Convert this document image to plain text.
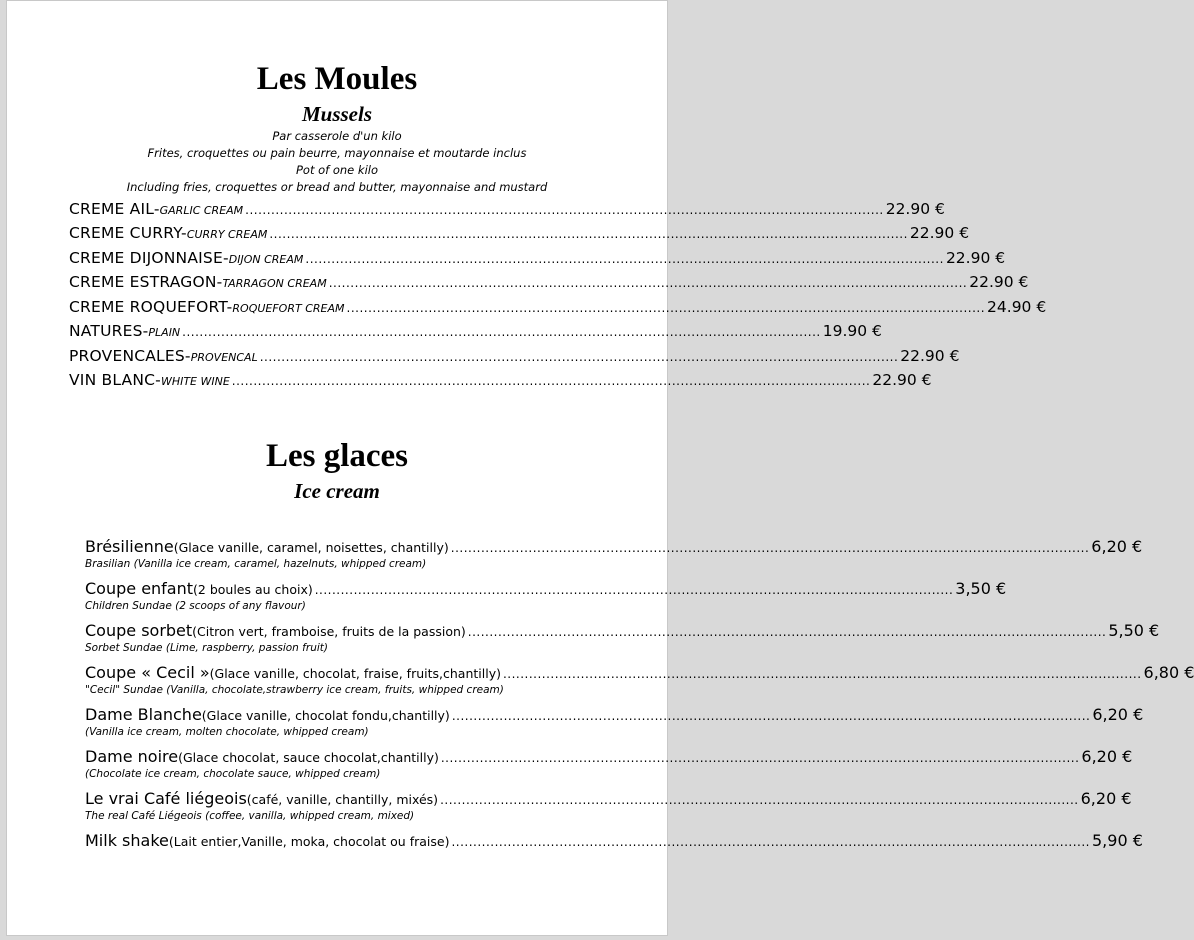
Les Moules
Mussels
Par casserole d'un kilo
Frites, croquettes ou pain beurre, mayonnaise et moutarde inclus
Pot of one kilo
Including fries, croquettes or bread and butter, mayonnaise and mustard
CREME AIL- GARLIC CREAM .................................................................................................................................................... 22.90 €
CREME CURRY- CURRY CREAM .................................................................................................................................................... 22.90 €
CREME DIJONNAISE- DIJON CREAM .................................................................................................................................................... 22.90 €
CREME ESTRAGON- TARRAGON CREAM .................................................................................................................................................... 22.90 €
CREME ROQUEFORT- ROQUEFORT CREAM .................................................................................................................................................... 24.90 €
NATURES- PLAIN .................................................................................................................................................... 19.90 €
PROVENCALES- PROVENCAL .................................................................................................................................................... 22.90 €
VIN BLANC- WHITE WINE .................................................................................................................................................... 22.90 €
Les glaces
Ice cream
Brésilienne (Glace vanille, caramel, noisettes, chantilly) .................................................................................................................................................... 6,20 €
Brasilian (Vanilla ice cream, caramel, hazelnuts, whipped cream)
Coupe enfant (2 boules au choix) .................................................................................................................................................... 3,50 €
Children Sundae (2 scoops of any flavour)
Coupe sorbet (Citron vert, framboise, fruits de la passion) .................................................................................................................................................... 5,50 €
Sorbet Sundae (Lime, raspberry, passion fruit)
Coupe « Cecil » (Glace vanille, chocolat, fraise, fruits,chantilly) .................................................................................................................................................... 6,80 €
"Cecil" Sundae (Vanilla, chocolate,strawberry ice cream, fruits, whipped cream)
Dame Blanche (Glace vanille, chocolat fondu,chantilly) .................................................................................................................................................... 6,20 €
(Vanilla ice cream, molten chocolate, whipped cream)
Dame noire (Glace chocolat, sauce chocolat,chantilly) .................................................................................................................................................... 6,20 €
(Chocolate ice cream, chocolate sauce, whipped cream)
Le vrai Café liégeois (café, vanille, chantilly, mixés) .................................................................................................................................................... 6,20 €
The real Café Liégeois (coffee, vanilla, whipped cream, mixed)
Milk shake (Lait entier,Vanille, moka, chocolat ou fraise) .................................................................................................................................................... 5,90 €
